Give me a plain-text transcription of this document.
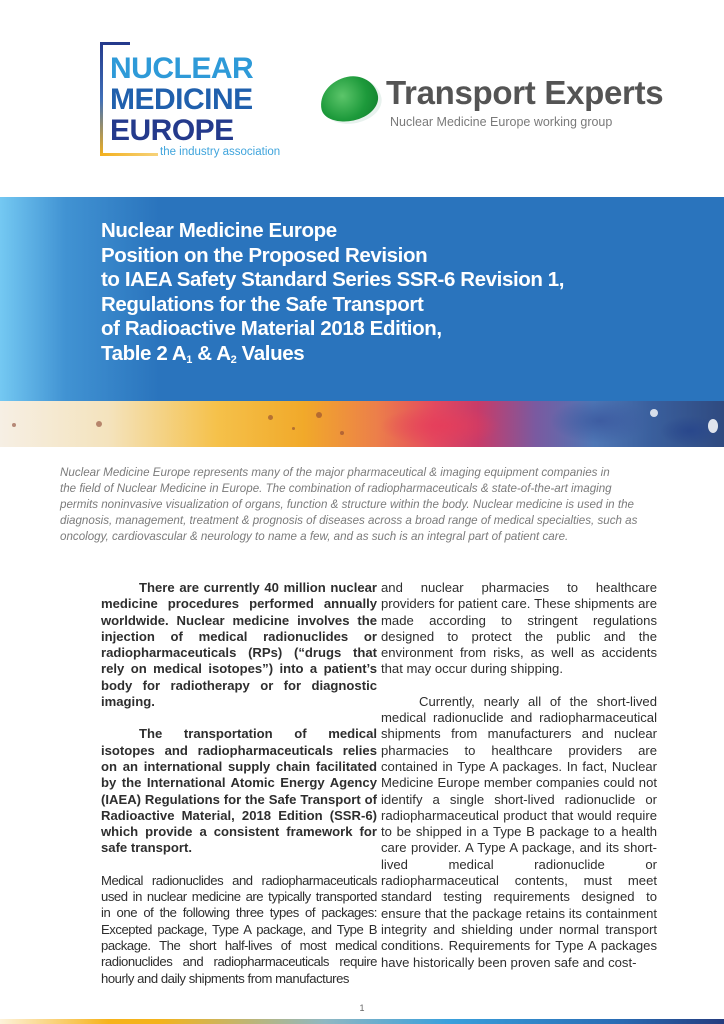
NUCLEAR
MEDICINE
EUROPE
the industry association
Transport Experts
Nuclear Medicine Europe working group
Nuclear Medicine Europe
Position on the Proposed Revision
to IAEA Safety Standard Series SSR-6 Revision 1,
Regulations for the Safe Transport
of Radioactive Material 2018 Edition,
Table 2 $A_1$ & $A_2$ Values
Nuclear Medicine Europe represents many of the major pharmaceutical & imaging equipment companies in
the field of Nuclear Medicine in Europe. The combination of radiopharmaceuticals & state-of-the-art imaging
permits noninvasive visualization of organs, function & structure within the body. Nuclear medicine is used in the
diagnosis, management, treatment & prognosis of diseases across a broad range of medical specialties, such as
oncology, cardiovascular & neurology to name a few, and as such is an integral part of patient care.

There are currently 40 million nuclear medicine procedures performed annually worldwide. Nuclear medicine involves the injection of medical radionuclides or radiopharmaceuticals (RPs) (“drugs that rely on medical isotopes”) into a patient’s body for radiotherapy or for diagnostic imaging.

The transportation of medical isotopes and radiopharmaceuticals relies on an international supply chain facilitated by the International Atomic Energy Agency (IAEA) Regulations for the Safe Transport of Radioactive Material, 2018 Edition (SSR-6) which provide a consistent framework for safe transport.

Medical radionuclides and radiopharmaceuticals used in nuclear medicine are typically transported in one of the following three types of packages: Excepted package, Type A package, and Type B package. The short half-lives of most medical radionuclides and radiopharmaceuticals require hourly and daily shipments from manufactures

and nuclear pharmacies to healthcare providers for patient care. These shipments are made according to stringent regulations designed to protect the public and the environment from risks, as well as accidents that may occur during shipping.

Currently, nearly all of the short-lived medical radionuclide and radiopharmaceutical shipments from manufacturers and nuclear pharmacies to healthcare providers are contained in Type A packages. In fact, Nuclear Medicine Europe member companies could not identify a single short-lived radionuclide or radiopharmaceutical product that would require to be shipped in a Type B package to a health care provider. A Type A package, and its short-lived medical radionuclide or radiopharmaceutical contents, must meet standard testing requirements designed to ensure that the package retains its containment integrity and shielding under normal transport conditions. Requirements for Type A packages have historically been proven safe and cost-

1
